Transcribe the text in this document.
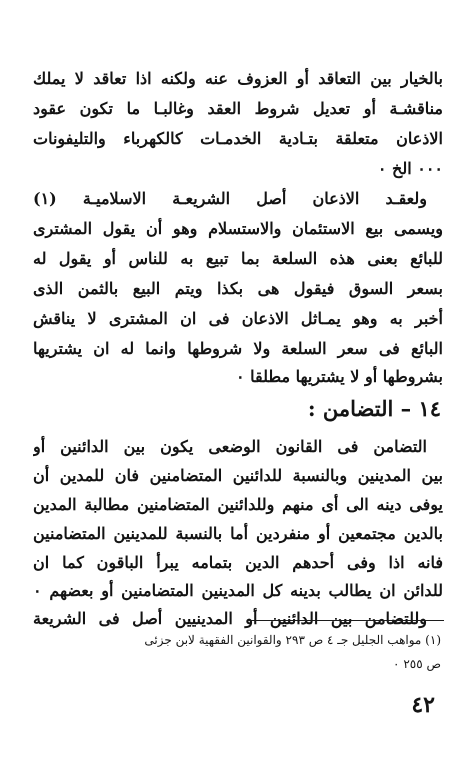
بالخيار بين التعاقد أو العزوف عنه ولكنه اذا تعاقد لا يملك
مناقشـة أو تعديل شروط العقد وغالبـا ما تكون عقود
الاذعان متعلقة بتـادية الخدمـات كالكهرباء والتليفونات
٠٠٠ الخ ٠
ولعقـد الاذعان أصل الشريعـة الاسلاميـة (١)
ويسمى بيع الاستئمان والاستسلام وهو أن يقول المشترى
للبائع بعنى هذه السلعة بما تبيع به للناس أو يقول له
بسعر السوق فيقول هى بكذا ويتم البيع بالثمن الذى
أخبر به وهو يمـاثل الاذعان فى ان المشترى لا يناقش
البائع فى سعر السلعة ولا شروطها وانما له ان يشتريها
بشروطها أو لا يشتريها مطلقا ٠
١٤ – التضامن :
التضامن فى القانون الوضعى يكون بين الدائنين أو
بين المدينين وبالنسبة للدائنين المتضامنين فان للمدين أن
يوفى دينه الى أى منهم وللدائنين المتضامنين مطالبة المدين
بالدين مجتمعين أو منفردين أما بالنسبة للمدينين المتضامنين
فانه اذا وفى أحدهم الدين بتمامه يبرأ الباقون كما ان
للدائن ان يطالب بدينه كل المدينين المتضامنين أو بعضهم ٠
وللتضامن بين الدائنين أو المدينيين أصل فى الشريعة
(١) مواهب الجليل جـ ٤ ص ٢٩٣ والقوانين الفقهية لابن جزئى
ص ٢٥٥ ٠
٤٢
